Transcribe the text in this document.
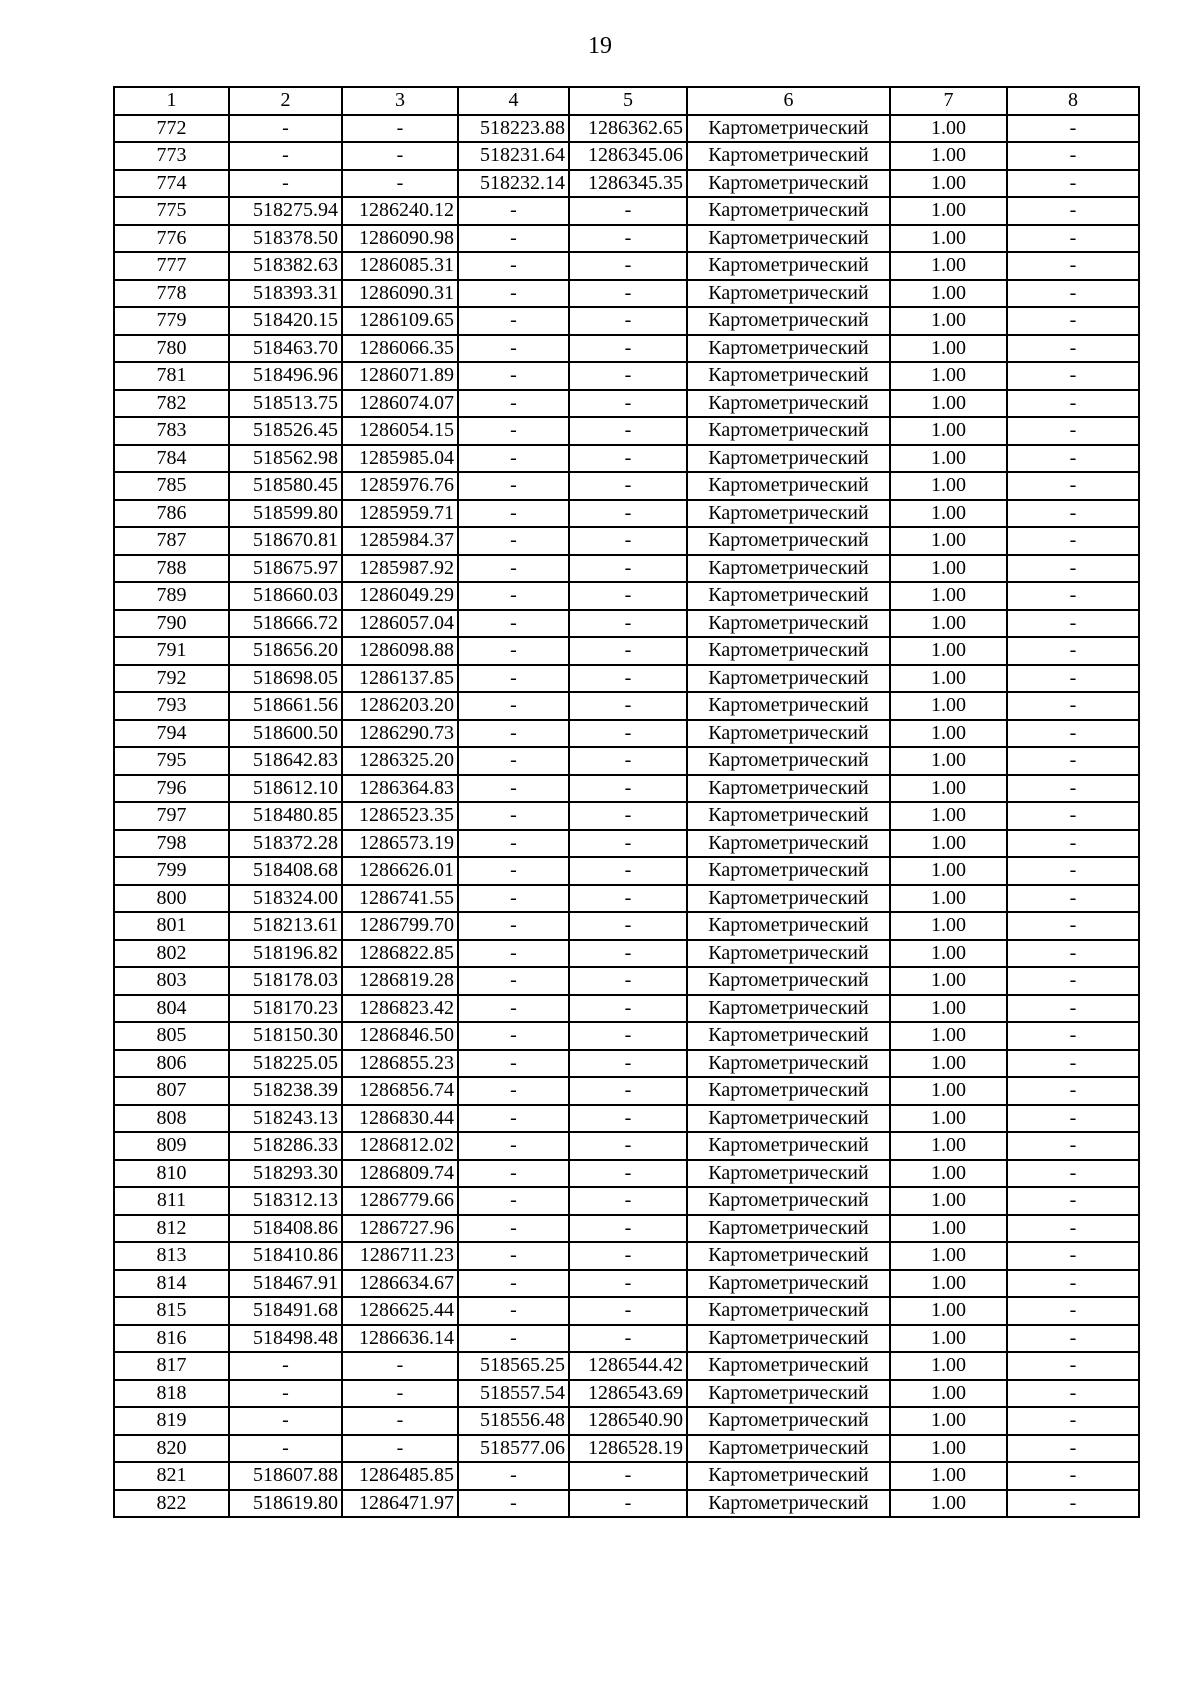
19
1	2	3	4	5	6	7	8
772	-	-	518223.88	1286362.65	Картометрический	1.00	-
773	-	-	518231.64	1286345.06	Картометрический	1.00	-
774	-	-	518232.14	1286345.35	Картометрический	1.00	-
775	518275.94	1286240.12	-	-	Картометрический	1.00	-
776	518378.50	1286090.98	-	-	Картометрический	1.00	-
777	518382.63	1286085.31	-	-	Картометрический	1.00	-
778	518393.31	1286090.31	-	-	Картометрический	1.00	-
779	518420.15	1286109.65	-	-	Картометрический	1.00	-
780	518463.70	1286066.35	-	-	Картометрический	1.00	-
781	518496.96	1286071.89	-	-	Картометрический	1.00	-
782	518513.75	1286074.07	-	-	Картометрический	1.00	-
783	518526.45	1286054.15	-	-	Картометрический	1.00	-
784	518562.98	1285985.04	-	-	Картометрический	1.00	-
785	518580.45	1285976.76	-	-	Картометрический	1.00	-
786	518599.80	1285959.71	-	-	Картометрический	1.00	-
787	518670.81	1285984.37	-	-	Картометрический	1.00	-
788	518675.97	1285987.92	-	-	Картометрический	1.00	-
789	518660.03	1286049.29	-	-	Картометрический	1.00	-
790	518666.72	1286057.04	-	-	Картометрический	1.00	-
791	518656.20	1286098.88	-	-	Картометрический	1.00	-
792	518698.05	1286137.85	-	-	Картометрический	1.00	-
793	518661.56	1286203.20	-	-	Картометрический	1.00	-
794	518600.50	1286290.73	-	-	Картометрический	1.00	-
795	518642.83	1286325.20	-	-	Картометрический	1.00	-
796	518612.10	1286364.83	-	-	Картометрический	1.00	-
797	518480.85	1286523.35	-	-	Картометрический	1.00	-
798	518372.28	1286573.19	-	-	Картометрический	1.00	-
799	518408.68	1286626.01	-	-	Картометрический	1.00	-
800	518324.00	1286741.55	-	-	Картометрический	1.00	-
801	518213.61	1286799.70	-	-	Картометрический	1.00	-
802	518196.82	1286822.85	-	-	Картометрический	1.00	-
803	518178.03	1286819.28	-	-	Картометрический	1.00	-
804	518170.23	1286823.42	-	-	Картометрический	1.00	-
805	518150.30	1286846.50	-	-	Картометрический	1.00	-
806	518225.05	1286855.23	-	-	Картометрический	1.00	-
807	518238.39	1286856.74	-	-	Картометрический	1.00	-
808	518243.13	1286830.44	-	-	Картометрический	1.00	-
809	518286.33	1286812.02	-	-	Картометрический	1.00	-
810	518293.30	1286809.74	-	-	Картометрический	1.00	-
811	518312.13	1286779.66	-	-	Картометрический	1.00	-
812	518408.86	1286727.96	-	-	Картометрический	1.00	-
813	518410.86	1286711.23	-	-	Картометрический	1.00	-
814	518467.91	1286634.67	-	-	Картометрический	1.00	-
815	518491.68	1286625.44	-	-	Картометрический	1.00	-
816	518498.48	1286636.14	-	-	Картометрический	1.00	-
817	-	-	518565.25	1286544.42	Картометрический	1.00	-
818	-	-	518557.54	1286543.69	Картометрический	1.00	-
819	-	-	518556.48	1286540.90	Картометрический	1.00	-
820	-	-	518577.06	1286528.19	Картометрический	1.00	-
821	518607.88	1286485.85	-	-	Картометрический	1.00	-
822	518619.80	1286471.97	-	-	Картометрический	1.00	-
